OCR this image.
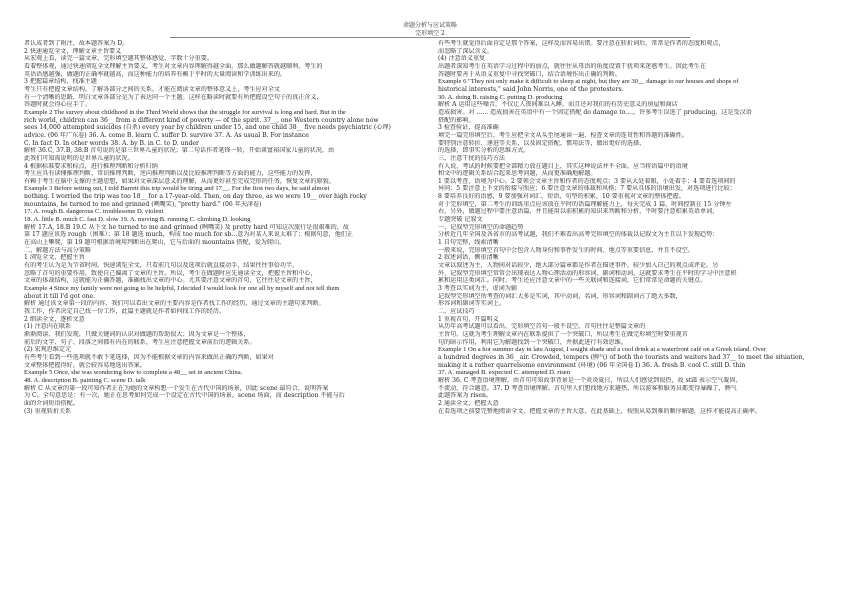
命题分析与应试策略
完形填空 2

者认成者到了附注，故本题答案为 D。

2 快速通览全文，理解文章主旨要义

从宏观上看，读完一篇文章，完形填空题其整体感觉、字数十分重要。

看着整体观，通过快速浏览全文理解主旨要义，考生对文章内容理解得越全面，那么做题解答就越顺利。考生的

英语语感越强，做题的正确率就越高，而这种能力的培养有赖于平时的大量阅读和学训练出来的。

3 把握篇章结构，找准主题

考生只有把握文章结构，了解各部分之间的关系，才能在阅读文章的整体意义上，考生应对全文

有一个清晰的思路，明白文章各部分是为了表达同一个主题。这样在略读时就要有所把握设空句子的真正含义，

答题时就会得心应手了。

Example 2 The survey about childhood in the Third World shows that the struggle for survival is long and hard. But in the

rich world, children can 36__ from a different kind of poverty — of the spirit. 37__, one Western country alone now

sees 14,000 attempted suicides (自杀) every year by children under 15, and one child 38__ five needs psychiatric (心理)

advice. (06 年广东卷) 36. A. come B. learn C. suffer D. survive 37. A. As usual B. For instance

C. In fact D. In other words 38. A. by B. in C. to D. under

解析 36.C, 37.B, 38.B 首句说的是第三世界儿童的状况；第二句话作者笔锋一转，开始谈富裕国家儿童的状况，由

此我们可知需说明的是世界儿童的状况。

4 根据标准要求和标点，进行推理判断和分析归纳

考生应具有读懂推理判断、常识推理判断，逆向推理判断以及比较推理判断等方面的能力，这些能力的发挥，

有赖于考生在脑中支撑的主题思想，如果对文章深层意义的理解，从而更好甚至完成完形的任务，恢复文章的原貌。

Example 3 Before setting out, I told Barrett this trip would be tiring and 17__. For the first two days, he said almost

nothing. I worried the trip was too 18__ for a 17-year-old. Then, on day three, as we were 19__ over high rocky

mountains, he turned to me and grinned (咧嘴笑), "pretty hard." (06 年天津卷)

17. A. rough B. dangerous C. troublesome D. violent

18. A. little B. much C. fast D. slow 19. A. moving B. running C. climbing D. looking

解析 17.A, 18.B 19.C 从下文 he turned to me and grinned (咧嘴笑) 及 pretty hard 可知这次旅行是很艰难的，故

第 17 题应该选 rough（困难）；第 18 题选 much，构成 too much for sb...意为对某人来说太难了；根据句意，他们正

在高山上攀爬，第 19 题可根据语境用判断出在爬山，它与后面的 mountains 搭配，爱为爬山。

二、解题方法与高分策略

1 浏览全文，把握主旨

有的考生认为是为节省时间，快速浏览全文，只看前几句以及选项后就直接动手，结果往往事倍功半，

忽略了首句的重要作用，致使自己偏离了文章的主旨。所以，考生在做题时应先通读全文，把握主旨和中心，

文章的体裁结构，这就能为正确答题，准确找出文章的中心。尤其要注意文章的首句，它往往是文章的主旨，

Example 4 Since my family were not going to be helpful, I decided I would look for one all by myself and not tell them

about it till I'd got one.

解析 通过该文章第一段的内容，我们可以看出文章的主要内容是作者找工作的经历，通过文章的主题句来判断。

我工作，作者决定自己找一份工作，此篇主题就是作者如何找工作的经历。

2 细读全文，逐析文意

(1) 注意内在联系

渐渐阅读，我们发现，只做关键词的认识对做题的帮助很大；因为文章是一个整体，

前后的文字、句子、段落之间都有内在的联系，考生应注意把握文章前后的逻辑关系。

(2) 宏观思维定元

有些考生看到一些选项就不敢下笔选择，因为不能根据文章的内容来做出正确的判断，如果对

文章整体把握得好，就会较容易地选出答案。

Example 5 Once, she was wondering how to complete a 48__ set in ancient China.

48. A. description B. painting C. scene D. talk

解析 C 从文章的第一段可知作者正在为她的文章构想一个发生在古代中国的场景，因此 scene 最符合，说明答案

为 C。全句意思是：有一次，她正在思考如何完成一个设定在古代中国的场景。scene 场面，而 description 不能与后

面的介词短语搭配。

(3) 重视转折关系

有些考生就觉得后面肯定是那个答案，这样反而容易出错。要注意在转折词后，常常是作者的态度和观点，

而忽略了深层含义。

(4) 注意语义重复

出题者深知考生在英语学习过程中的弱点，就往往从母语的角度设置干扰项来迷惑考生。因此考生在

答题时要善于从语义重复中寻找突破口，结合语境作出正确的判断。

Example 6 "They not only make it difficult to sleep at night, but they are 30__ damage to our houses and shops of

historical interests," said John Norris, one of the protesters.

30. A. doing B. raising C. putting D. producing

解析 A 运用这些噪音，不仅让人夜间难以入睡，而且还对我们的有历史意义的房屋和商店

造成损害。对 ...... 造成损害在英语中有一个固定搭配 do damage to....，许多考生误选了 producing，这是受汉语

搭配的影响。

3 检查验证，提高准确

填完一篇完形填空后，考生应把全文从头至尾通读一遍，检查文章的连贯性和答题的准确性。

要特别注意转折、递进等关系，以及固定搭配、惯用法等，做出更好的选择，

的选择，即事实分析的思维方式。

三、注意干扰的技巧方法

有人说，考试的时候要把全部精力放在题目上，其实这种说法并不全面。应当将语篇中的语境

和文中的逻辑关系结合起来思考问题，从而更准确地解题。

1 要以考查，语境为中心。2 要领会文章主旨和作者的态度观点；3 要从大处着眼，小处着手；4 要看选项间的

异同；5 要注意上下文的衔接与照应；6 要注意文章的体裁和风格；7 要从具体的语境出发，对选项进行比较；

8 要培养良好的语感，9 要加强对词汇、短语、句型的积累，10 要重视对文章的整体把握。

对于完形填空，第二考生的训练重点应该放在平时的语篇理解能力上，每天完成 1 篇，时间控制在 15 分钟左

右，另外，做题过程中要注意语篇，并且能用以前积累的知识来判断和分析，平时要注意积累英语单词，

专题突破 记叙文

一、记叙型完形填空的命题趋势

分析近几年全国及各省市的高考试题，我们不难看出高考完形填空的体裁以记叙文为主且以下发现趋势：

1 自句完整，线索清晰

一般来说，完形填空首句中会包含人物身份和事件发生的时间、地点等重要信息，并且不设空。

2 叙述词语，侧重清晰

文章以叙述为主，人物间对话较少，绝大部分篇章都是作者在描述事件，较少加入自己的观点或评论。另

外，记叙型完形填空常常会出现表达人物心理活动的形容词、副词和动词，这就要求考生在平时的学习中注意积

累和运用这类词汇。同时，考生还应注意文章中的一些关联词和连接词，它们常常是命题的关键点。

3 考查以实词为主，虚词为辅

记叙型完形填空所考查的词汇大多是实词，其中动词、名词、形容词和副词占了绝大多数，

形容词和副词等实词上。

二、应试技巧

1 重视首句，开篇明义

从历年高考试题可以看出，完形填空首句一般不设空，首句往往是整篇文章的

主旨句。这就为考生理解文章内在联系提供了一个突破口，所以考生在做完形填空时要重视首

句的暗示作用，利用它为解题找到一个突破口，并据此进行有效思维。

Example 1 On a hot summer day in late August, I sought shade and a cool drink at a waterfront café on a Greek island. Over

a hundred degrees in 36__air. Crowded, tempers (脾气) of both the tourists and waiters had 37__ to meet the situation,

making it a rather quarrelsome environment (环境) (06 年全国卷 I) 36. A. fresh B. cool C. still D. thin

37. A. managed B. expected C. attempted D. risen

解析 36. C 考查语境理解。由首句可知故事背景是一个炎炎夏日，所以人们感觉到很热，故 still 表示空气凝固、

不流动，符合题意。37. D 考查语境理解。首句里人们想找地方来避热，所以游客和服务员都变得暴躁了，脾气

此题答案为 risen。

2 通读全文，把握大意

在看选项之前要完整地阅读全文，把握文章的主旨大意，在此基础上，按照从易到难的顺序解题，这样才能提高正确率。
